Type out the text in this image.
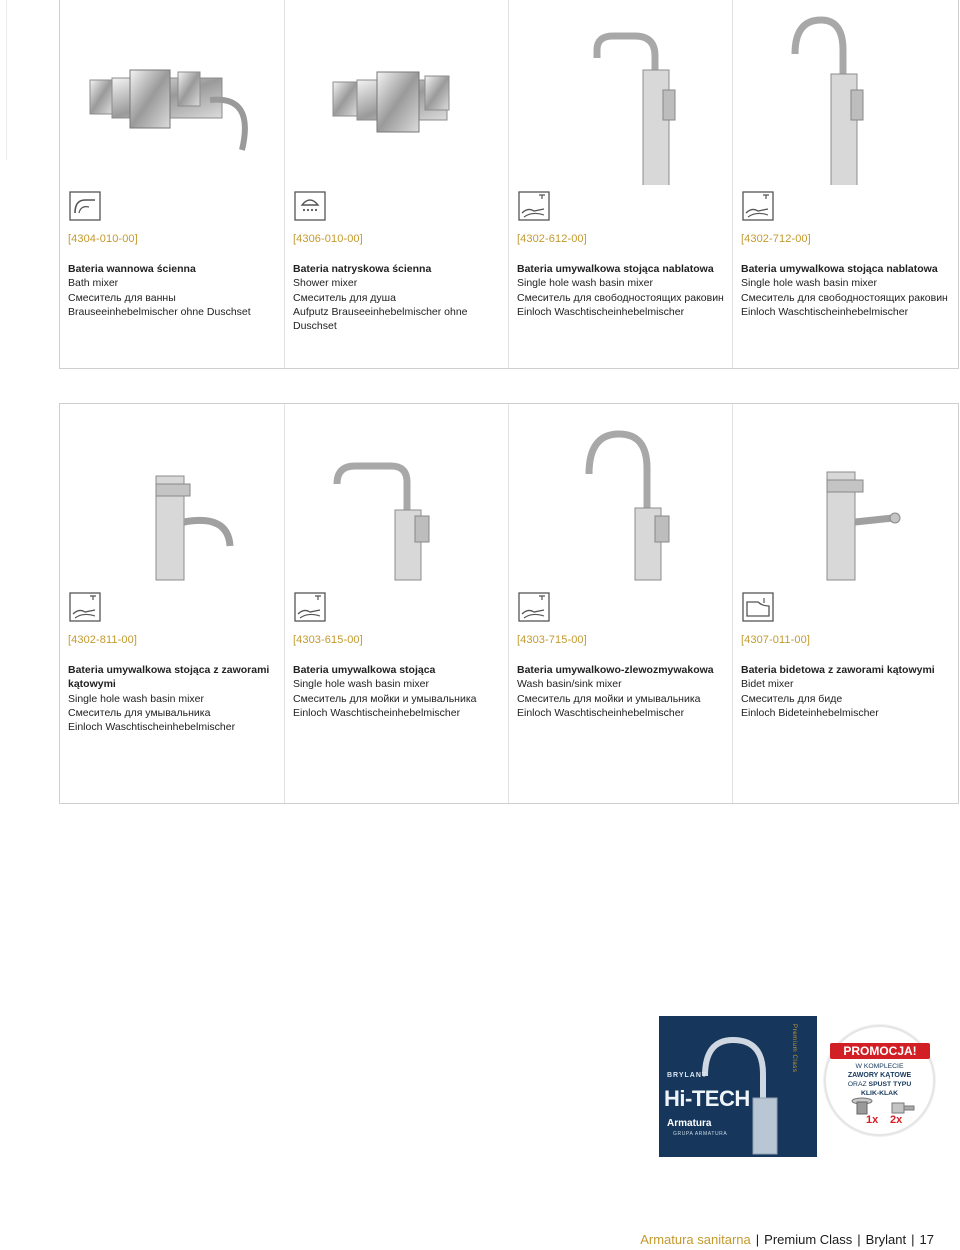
[4304-010-00]
Bateria wannowa ścienna
Bath mixer
Смеситель для ванны
Brauseeinhebelmischer ohne Duschset
[4306-010-00]
Bateria natryskowa ścienna
Shower mixer
Смеситель для душа
Aufputz Brauseeinhebelmischer ohne Duschset
[4302-612-00]
Bateria umywalkowa stojąca nablatowa
Single hole wash basin mixer
Смеситель для свободностоящих раковин
Einloch Waschtischeinhebelmischer
[4302-712-00]
Bateria umywalkowa stojąca nablatowa
Single hole wash basin mixer
Смеситель для свободностоящих раковин
Einloch Waschtischeinhebelmischer
[4302-811-00]
Bateria umywalkowa stojąca z zaworami kątowymi
Single hole wash basin mixer
Смеситель для умывальника
Einloch Waschtischeinhebelmischer
[4303-615-00]
Bateria umywalkowa stojąca
Single hole wash basin mixer
Смеситель для мойки и умывальника
Einloch Waschtischeinhebelmischer
[4303-715-00]
Bateria umywalkowo-zlewozmywakowa
Wash basin/sink mixer
Смеситель для мойки и умывальника
Einloch Waschtischeinhebelmischer
[4307-011-00]
Bateria bidetowa z zaworami kątowymi
Bidet mixer
Смеситель для биде
Einloch Bideteinhebelmischer
BRYLANT
Hi-TECH
Armatura
GRUPA ARMATURA
Premium Class	PROMOCJA!
W KOMPLECIE
ZAWORY KĄTOWE
ORAZ SPUST TYPU
KLIK-KLAK
1x 2x
Armatura sanitarna | Premium Class | Brylant | 17
